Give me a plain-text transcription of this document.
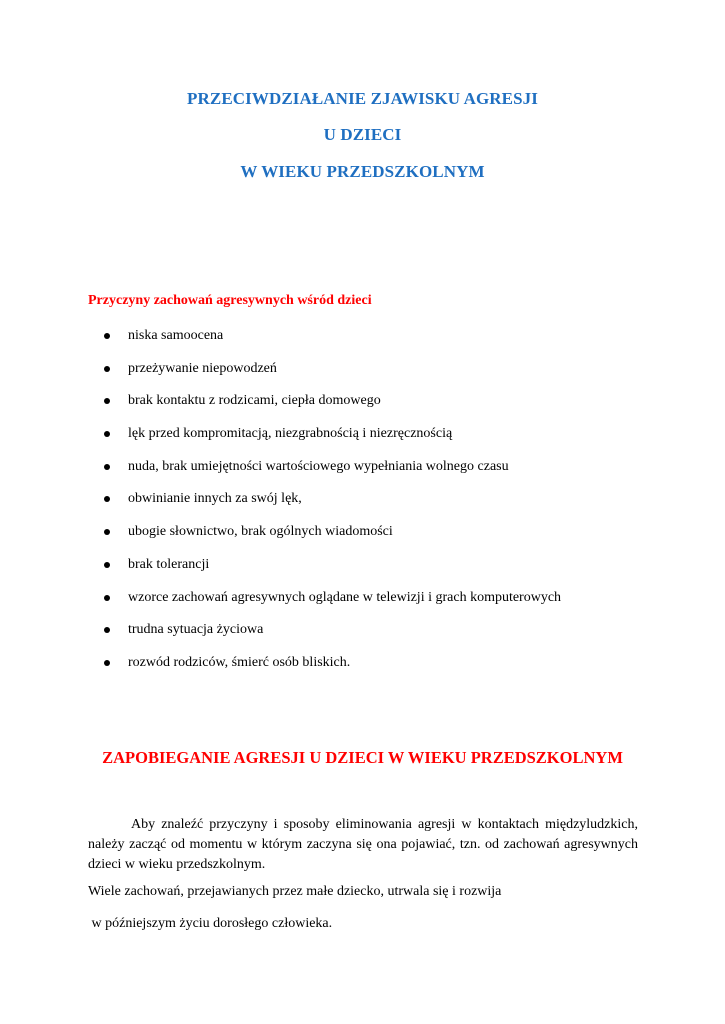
PRZECIWDZIAŁANIE ZJAWISKU AGRESJI
U DZIECI
W WIEKU PRZEDSZKOLNYM
Przyczyny zachowań agresywnych wśród dzieci
niska samoocena
przeżywanie niepowodzeń
brak kontaktu z rodzicami, ciepła domowego
lęk przed kompromitacją, niezgrabnością i niezręcznością
nuda, brak umiejętności wartościowego wypełniania wolnego czasu
obwinianie innych za swój lęk,
ubogie słownictwo, brak ogólnych wiadomości
brak tolerancji
wzorce zachowań agresywnych oglądane w telewizji i grach komputerowych
trudna sytuacja życiowa
rozwód rodziców, śmierć osób bliskich.
ZAPOBIEGANIE AGRESJI U DZIECI W WIEKU PRZEDSZKOLNYM
Aby znaleźć przyczyny i sposoby eliminowania agresji w kontaktach międzyludzkich, należy zacząć od momentu w którym zaczyna się ona pojawiać, tzn. od zachowań agresywnych dzieci w wieku przedszkolnym.
Wiele zachowań, przejawianych przez małe dziecko, utrwala się i rozwija
w późniejszym życiu dorosłego człowieka.
